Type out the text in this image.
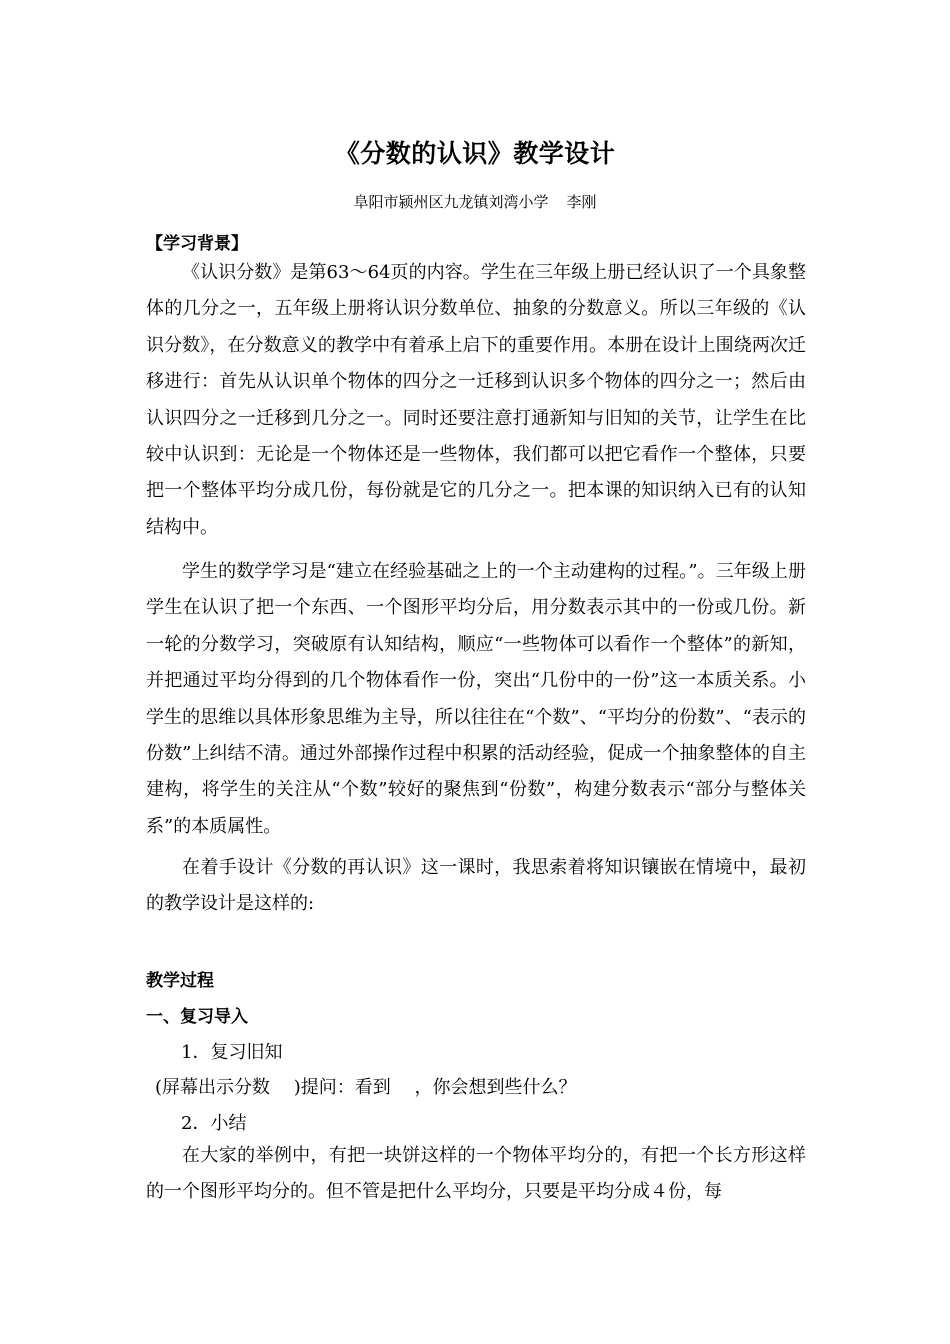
《分数的认识》教学设计
阜阳市颍州区九龙镇刘湾小学 李刚
【学习背景】

《认识分数》是第63～64页的内容。学生在三年级上册已经认识了一个具象整体的几分之一，五年级上册将认识分数单位、抽象的分数意义。所以三年级的《认识分数》，在分数意义的教学中有着承上启下的重要作用。本册在设计上围绕两次迁移进行：首先从认识单个物体的四分之一迁移到认识多个物体的四分之一；然后由认识四分之一迁移到几分之一。同时还要注意打通新知与旧知的关节，让学生在比较中认识到：无论是一个物体还是一些物体，我们都可以把它看作一个整体，只要把一个整体平均分成几份，每份就是它的几分之一。把本课的知识纳入已有的认知结构中。

学生的数学学习是“建立在经验基础之上的一个主动建构的过程。”。三年级上册学生在认识了把一个东西、一个图形平均分后，用分数表示其中的一份或几份。新一轮的分数学习，突破原有认知结构，顺应“一些物体可以看作一个整体”的新知，并把通过平均分得到的几个物体看作一份，突出“几份中的一份”这一本质关系。小学生的思维以具体形象思维为主导，所以往往在“个数”、“平均分的份数”、“表示的份数”上纠结不清。通过外部操作过程中积累的活动经验，促成一个抽象整体的自主建构，将学生的关注从“个数”较好的聚焦到“份数”，构建分数表示“部分与整体关系”的本质属性。

在着手设计《分数的再认识》这一课时，我思索着将知识镶嵌在情境中，最初的教学设计是这样的:

教学过程
一、复习导入
1．复习旧知
(屏幕出示分数　 )提问：看到　 ，你会想到些什么？
2．小结

在大家的举例中，有把一块饼这样的一个物体平均分的，有把一个长方形这样的一个图形平均分的。但不管是把什么平均分，只要是平均分成４份，每
